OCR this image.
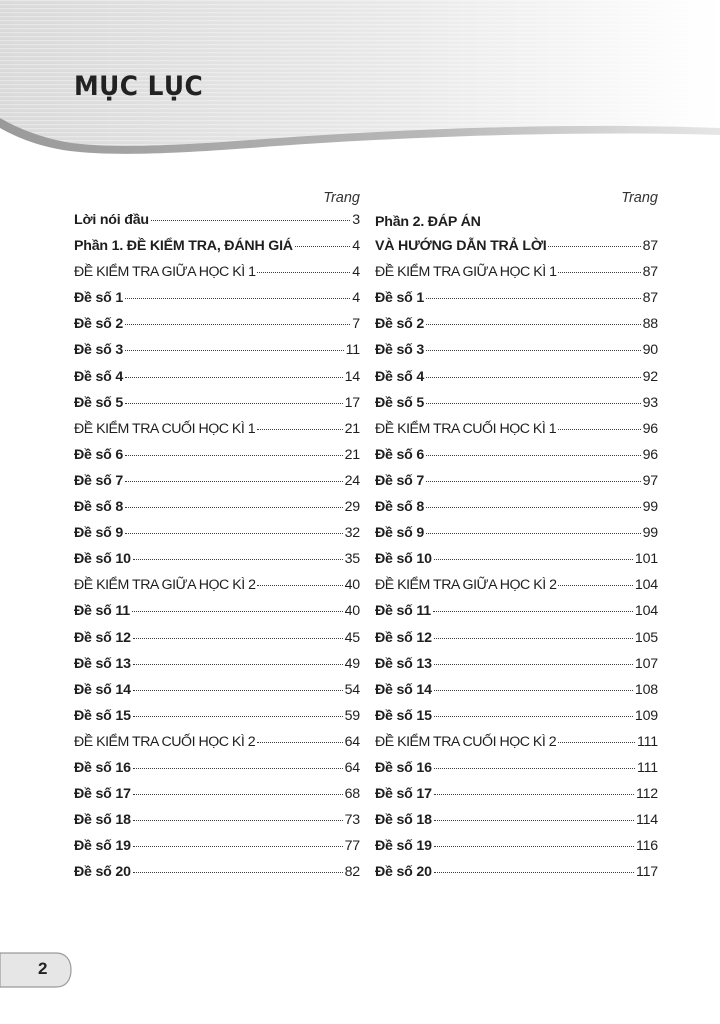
MỤC LỤC
Trang
Lời nói đầu	3
Phần 1. ĐỀ KIỂM TRA, ĐÁNH GIÁ	4
ĐỀ KIỂM TRA GIỮA HỌC KÌ 1	4
Đề số 1	4
Đề số 2	7
Đề số 3	11
Đề số 4	14
Đề số 5	17
ĐỀ KIỂM TRA CUỐI HỌC KÌ 1	21
Đề số 6	21
Đề số 7	24
Đề số 8	29
Đề số 9	32
Đề số 10	35
ĐỀ KIỂM TRA GIỮA HỌC KÌ 2	40
Đề số 11	40
Đề số 12	45
Đề số 13	49
Đề số 14	54
Đề số 15	59
ĐỀ KIỂM TRA CUỐI HỌC KÌ 2	64
Đề số 16	64
Đề số 17	68
Đề số 18	73
Đề số 19	77
Đề số 20	82
Trang
Phần 2. ĐÁP ÁN
VÀ HƯỚNG DẪN TRẢ LỜI	87
ĐỀ KIỂM TRA GIỮA HỌC KÌ 1	87
Đề số 1	87
Đề số 2	88
Đề số 3	90
Đề số 4	92
Đề số 5	93
ĐỀ KIỂM TRA CUỐI HỌC KÌ 1	96
Đề số 6	96
Đề số 7	97
Đề số 8	99
Đề số 9	99
Đề số 10	101
ĐỀ KIỂM TRA GIỮA HỌC KÌ 2	104
Đề số 11	104
Đề số 12	105
Đề số 13	107
Đề số 14	108
Đề số 15	109
ĐỀ KIỂM TRA CUỐI HỌC KÌ 2	111
Đề số 16	111
Đề số 17	112
Đề số 18	114
Đề số 19	116
Đề số 20	117
2
